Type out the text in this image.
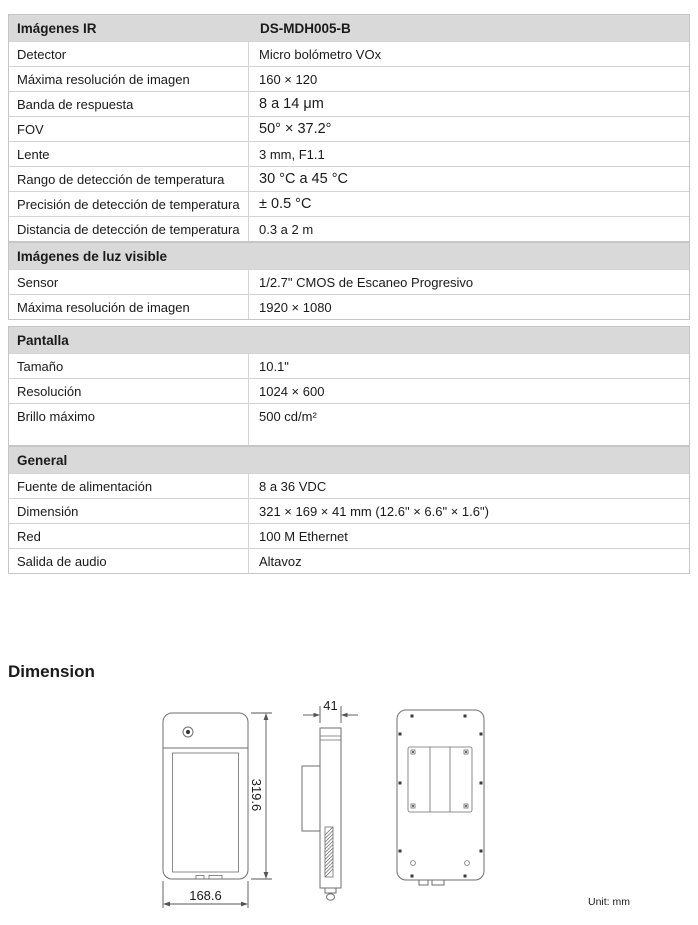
Imágenes IR	DS-MDH005-B
Detector	Micro bolómetro VOx
Máxima resolución de imagen	160 × 120
Banda de respuesta	8 a 14 μm
FOV	50° × 37.2°
Lente	3 mm, F1.1
Rango de detección de temperatura	30 °C a 45 °C
Precisión de detección de temperatura	± 0.5 °C
Distancia de detección de temperatura	0.3 a 2 m
Imágenes de luz visible
Sensor	1/2.7" CMOS de Escaneo Progresivo
Máxima resolución de imagen	1920 × 1080
Pantalla
Tamaño	10.1"
Resolución	1024 × 600
Brillo máximo	500 cd/m²
General
Fuente de alimentación	8 a 36 VDC
Dimensión	321 × 169 × 41 mm (12.6" × 6.6" × 1.6")
Red	100 M Ethernet
Salida de audio	Altavoz
Dimension
319.6
168.6
41
Unit: mm
